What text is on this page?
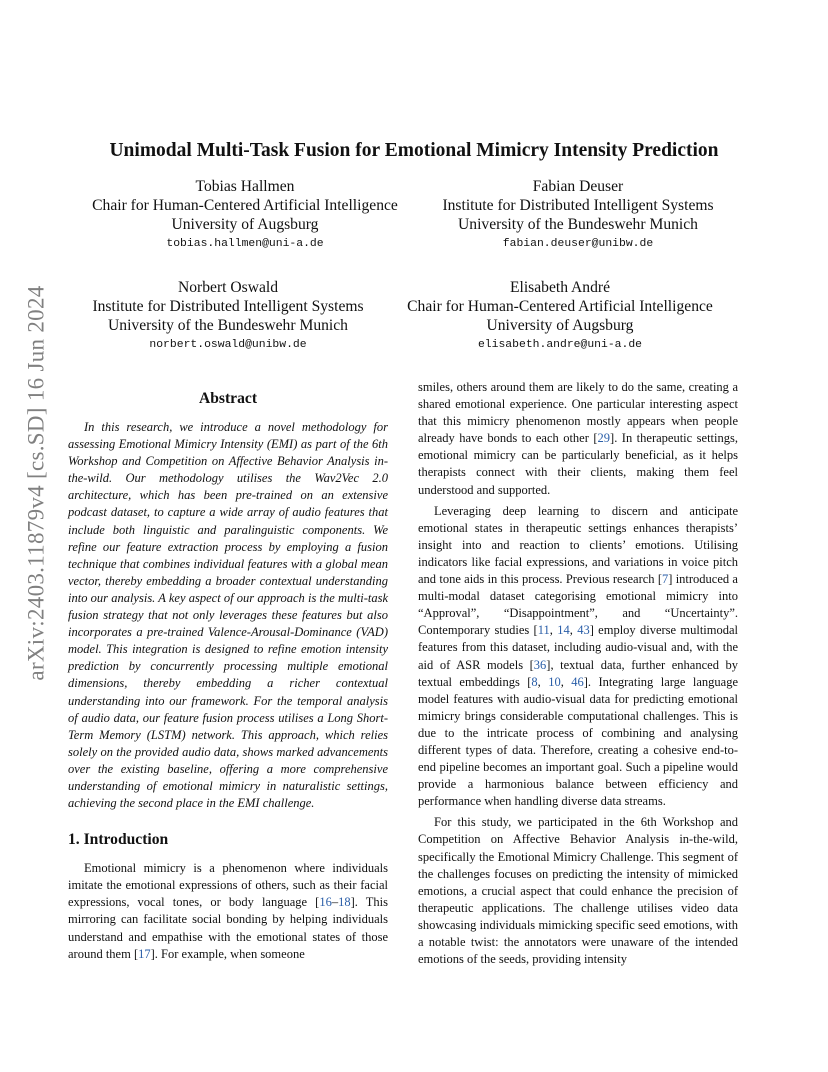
arXiv:2403.11879v4 [cs.SD] 16 Jun 2024
Unimodal Multi-Task Fusion for Emotional Mimicry Intensity Prediction
Tobias Hallmen
Chair for Human-Centered Artificial Intelligence
University of Augsburg
tobias.hallmen@uni-a.de
Fabian Deuser
Institute for Distributed Intelligent Systems
University of the Bundeswehr Munich
fabian.deuser@unibw.de
Norbert Oswald
Institute for Distributed Intelligent Systems
University of the Bundeswehr Munich
norbert.oswald@unibw.de
Elisabeth André
Chair for Human-Centered Artificial Intelligence
University of Augsburg
elisabeth.andre@uni-a.de
Abstract

In this research, we introduce a novel methodology for assessing Emotional Mimicry Intensity (EMI) as part of the 6th Workshop and Competition on Affective Behavior Analysis in-the-wild. Our methodology utilises the Wav2Vec 2.0 architecture, which has been pre-trained on an extensive podcast dataset, to capture a wide array of audio features that include both linguistic and paralinguistic components. We refine our feature extraction process by employing a fusion technique that combines individual features with a global mean vector, thereby embedding a broader contextual understanding into our analysis. A key aspect of our approach is the multi-task fusion strategy that not only leverages these features but also incorporates a pre-trained Valence-Arousal-Dominance (VAD) model. This integration is designed to refine emotion intensity prediction by concurrently processing multiple emotional dimensions, thereby embedding a richer contextual understanding into our framework. For the temporal analysis of audio data, our feature fusion process utilises a Long Short-Term Memory (LSTM) network. This approach, which relies solely on the provided audio data, shows marked advancements over the existing baseline, offering a more comprehensive understanding of emotional mimicry in naturalistic settings, achieving the second place in the EMI challenge.

1. Introduction

Emotional mimicry is a phenomenon where individuals imitate the emotional expressions of others, such as their facial expressions, vocal tones, or body language [16–18]. This mirroring can facilitate social bonding by helping individuals understand and empathise with the emotional states of those around them [17]. For example, when someone

smiles, others around them are likely to do the same, creating a shared emotional experience. One particular interesting aspect that this mimicry phenomenon mostly appears when people already have bonds to each other [29]. In therapeutic settings, emotional mimicry can be particularly beneficial, as it helps therapists connect with their clients, making them feel understood and supported.

Leveraging deep learning to discern and anticipate emotional states in therapeutic settings enhances therapists’ insight into and reaction to clients’ emotions. Utilising indicators like facial expressions, and variations in voice pitch and tone aids in this process. Previous research [7] introduced a multi-modal dataset categorising emotional mimicry into “Approval”, “Disappointment”, and “Uncertainty”. Contemporary studies [11, 14, 43] employ diverse multimodal features from this dataset, including audio-visual and, with the aid of ASR models [36], textual data, further enhanced by textual embeddings [8, 10, 46]. Integrating large language model features with audio-visual data for predicting emotional mimicry brings considerable computational challenges. This is due to the intricate process of combining and analysing different types of data. Therefore, creating a cohesive end-to-end pipeline becomes an important goal. Such a pipeline would provide a harmonious balance between efficiency and performance when handling diverse data streams.

For this study, we participated in the 6th Workshop and Competition on Affective Behavior Analysis in-the-wild, specifically the Emotional Mimicry Challenge. This segment of the challenges focuses on predicting the intensity of mimicked emotions, a crucial aspect that could enhance the precision of therapeutic applications. The challenge utilises video data showcasing individuals mimicking specific seed emotions, with a notable twist: the annotators were unaware of the intended emotions of the seeds, providing intensity
